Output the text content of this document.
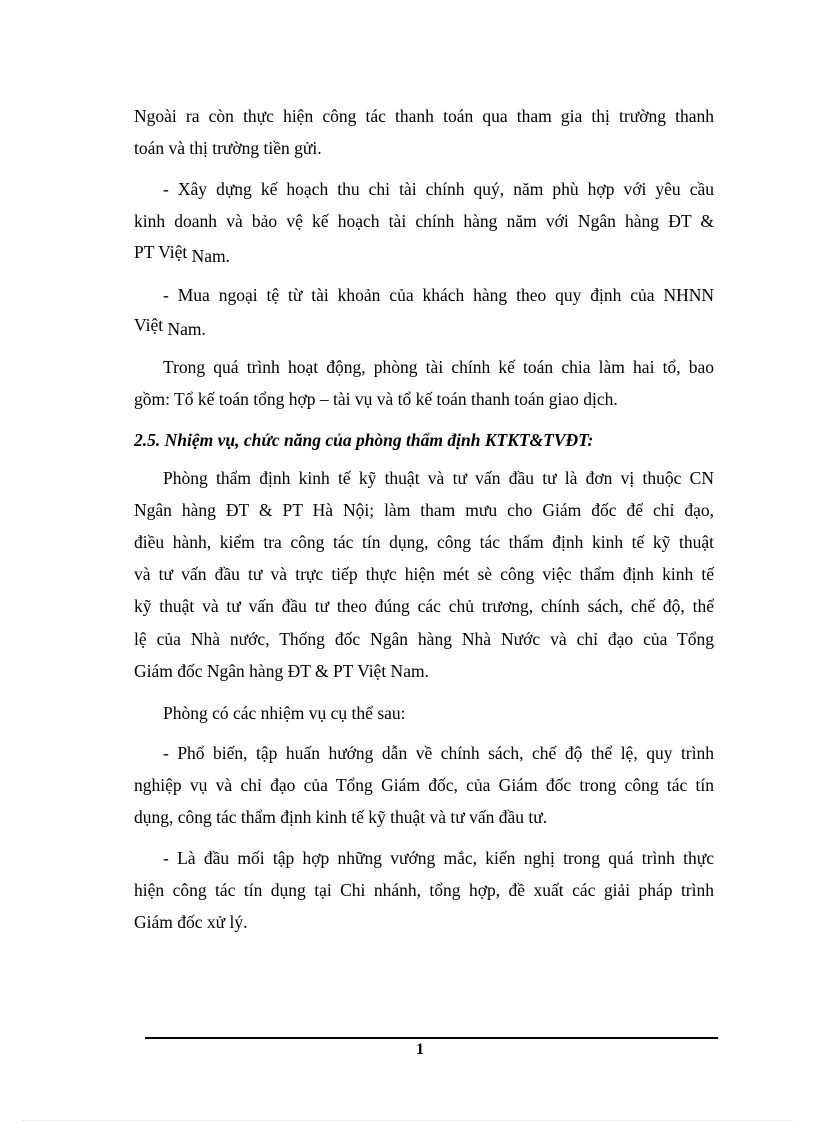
Ngoài ra còn thực hiện công tác thanh toán qua tham gia thị trường thanh
toán và thị trường tiền gửi.
- Xây dựng kế hoạch thu chi tài chính quý, năm phù hợp với yêu cầu
kinh doanh và bảo vệ kế hoạch tài chính hàng năm với Ngân hàng ĐT &
PT Việt Nam.
- Mua ngoại tệ từ tài khoản của khách hàng theo quy định của NHNN
Việt Nam.
Trong quá trình hoạt động, phòng tài chính kế toán chia làm hai tổ, bao
gồm: Tổ kế toán tổng hợp – tài vụ và tổ kế toán thanh toán giao dịch.
2.5. Nhiệm vụ, chức năng của phòng thẩm định KTKT&TVĐT:
Phòng thẩm định kinh tế kỹ thuật và tư vấn đầu tư là đơn vị thuộc CN
Ngân hàng ĐT & PT Hà Nội; làm tham mưu cho Giám đốc để chỉ đạo,
điều hành, kiểm tra công tác tín dụng, công tác thẩm định kinh tế kỹ thuật
và tư vấn đầu tư và trực tiếp thực hiện mét sè công việc thẩm định kinh tế
kỹ thuật và tư vấn đầu tư theo đúng các chủ trương, chính sách, chế độ, thể
lệ của Nhà nước, Thống đốc Ngân hàng Nhà Nước và chỉ đạo của Tổng
Giám đốc Ngân hàng ĐT & PT Việt Nam.
Phòng có các nhiệm vụ cụ thể sau:
- Phổ biến, tập huấn hướng dẫn về chính sách, chế độ thể lệ, quy trình
nghiệp vụ và chỉ đạo của Tổng Giám đốc, của Giám đốc trong công tác tín
dụng, công tác thẩm định kinh tế kỹ thuật và tư vấn đầu tư.
- Là đầu mối tập hợp những vướng mắc, kiến nghị trong quá trình thực
hiện công tác tín dụng tại Chi nhánh, tổng hợp, đề xuất các giải pháp trình
Giám đốc xử lý.
1
